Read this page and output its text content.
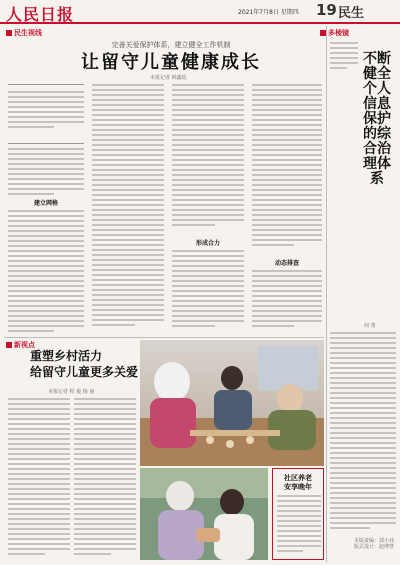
人民日报	2021年7月8日 星期四 19 民生
民生视线	多棱镜
完善关爱保护体系，建立健全工作机制
让留守儿童健康成长
本报记者 韩鑫瑶
建立网格
形成合力
动态排查
不断健全个人信息保护的综合治理体系
何 勇
本版责编：郭小祎
版式设计：赵博慧
新视点
重塑乡村活力
给留守儿童更多关爱
本报记者 程 俊 杨 丽
社区养老
安享晚年
